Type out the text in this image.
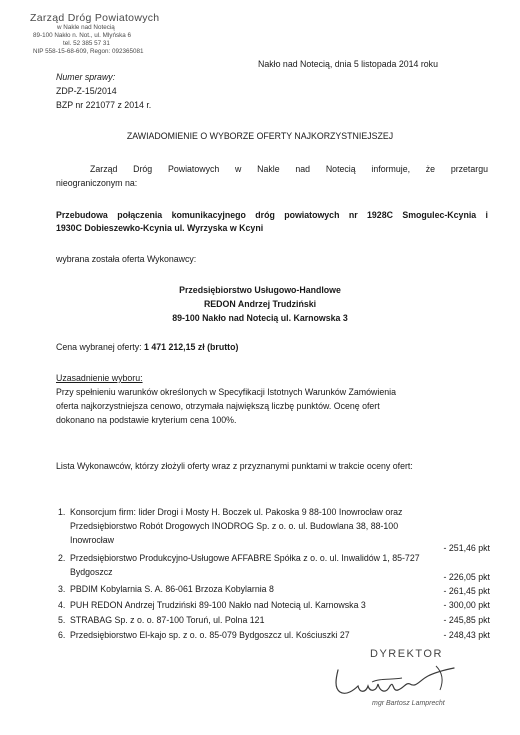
Zarząd Dróg Powiatowych
w Nakle nad Notecią
89-100 Nakło n. Not., ul. Mlyńska 6
tel. 52 385 57 31
NIP 558-15-68-609, Regon: 092365081
Nakło nad Notecią, dnia 5 listopada 2014 roku
Numer sprawy:
ZDP-Z-15/2014
BZP nr 221077 z 2014 r.
ZAWIADOMIENIE O WYBORZE OFERTY NAJKORZYSTNIEJSZEJ
Zarząd Dróg Powiatowych w Nakle nad Notecią informuje, że przetargu
nieograniczonym na:
Przebudowa połączenia komunikacyjnego dróg powiatowych nr 1928C Smogulec-Kcynia i
1930C Dobieszewko-Kcynia ul. Wyrzyska w Kcyni
wybrana została oferta Wykonawcy:
Przedsiębiorstwo Usługowo-Handlowe
REDON Andrzej Trudziński
89-100 Nakło nad Notecią ul. Karnowska 3
Cena wybranej oferty: 1 471 212,15 zł (brutto)
Uzasadnienie wyboru:
Przy spełnieniu warunków określonych w Specyfikacji Istotnych Warunków Zamówienia
oferta najkorzystniejsza cenowo, otrzymała największą liczbę punktów. Ocenę ofert
dokonano na podstawie kryterium cena 100%.
Lista Wykonawców, którzy złożyli oferty wraz z przyznanymi punktami w trakcie oceny ofert:
1. Konsorcjum firm: lider Drogi i Mosty H. Boczek ul. Pakoska 9 88-100 Inowrocław oraz
Przedsiębiorstwo Robót Drogowych INODROG Sp. z o. o. ul. Budowlana 38, 88-100
Inowrocław
- 251,46 pkt
2. Przedsiębiorstwo Produkcyjno-Usługowe AFFABRE Spółka z o. o. ul. Inwalidów 1, 85-727
Bydgoszcz	- 226,05 pkt
3. PBDIM Kobylarnia S. A. 86-061 Brzoza Kobylarnia 8	- 261,45 pkt
4. PUH REDON Andrzej Trudziński 89-100 Nakło nad Notecią ul. Karnowska 3	- 300,00 pkt
5. STRABAG Sp. z o. o. 87-100 Toruń, ul. Polna 121	- 245,85 pkt
6. Przedsiębiorstwo El-kajo sp. z o. o. 85-079 Bydgoszcz ul. Kościuszki 27	- 248,43 pkt
DYREKTOR
mgr Bartosz Lamprecht
